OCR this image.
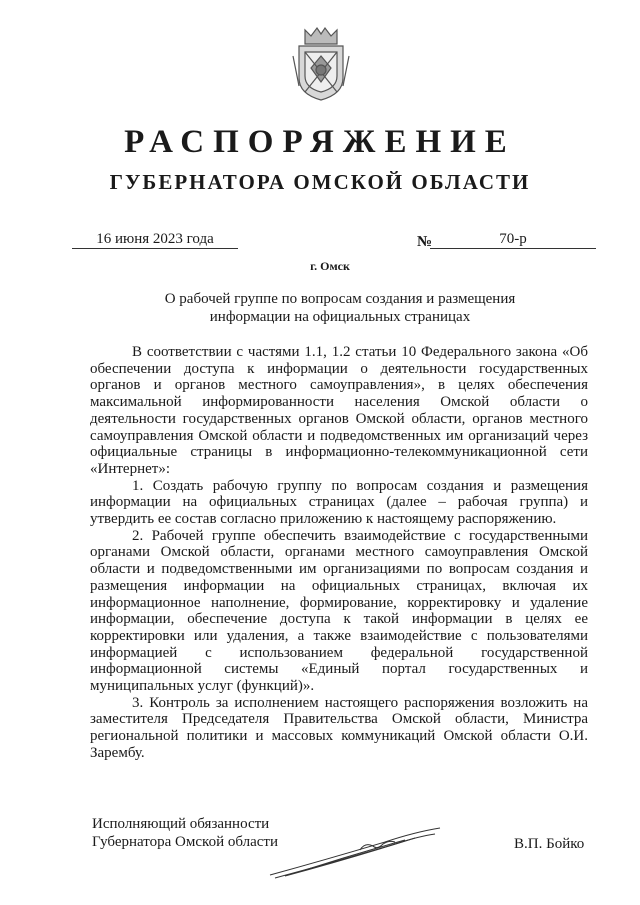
РАСПОРЯЖЕНИЕ
ГУБЕРНАТОРА ОМСКОЙ ОБЛАСТИ
16 июня 2023 года	№	70-р
г. Омск
О рабочей группе по вопросам создания и размещения
информации на официальных страницах

В соответствии с частями 1.1, 1.2 статьи 10 Федерального закона «Об обеспечении доступа к информации о деятельности государственных органов и органов местного самоуправления», в целях обеспечения максимальной информированности населения Омской области о деятельности государственных органов Омской области, органов местного самоуправления Омской области и подведомственных им организаций через официальные страницы в информационно-телекоммуникационной сети «Интернет»:

1. Создать рабочую группу по вопросам создания и размещения информации на официальных страницах (далее – рабочая группа) и утвердить ее состав согласно приложению к настоящему распоряжению.

2. Рабочей группе обеспечить взаимодействие с государственными органами Омской области, органами местного самоуправления Омской области и подведомственными им организациями по вопросам создания и размещения информации на официальных страницах, включая их информационное наполнение, формирование, корректировку и удаление информации, обеспечение доступа к такой информации в целях ее корректировки или удаления, а также взаимодействие с пользователями информацией с использованием федеральной государственной информационной системы «Единый портал государственных и муниципальных услуг (функций)».

3. Контроль за исполнением настоящего распоряжения возложить на заместителя Председателя Правительства Омской области, Министра региональной политики и массовых коммуникаций Омской области О.И. Зарембу.

Исполняющий обязанности
Губернатора Омской области	В.П. Бойко
